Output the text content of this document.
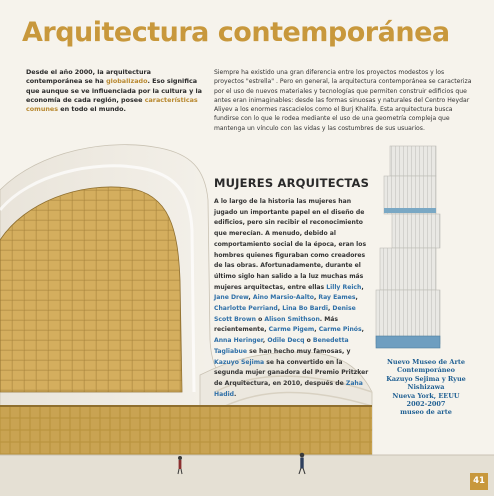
Arquitectura contemporánea
Desde el año 2000, la arquitectura contemporánea se ha globalizado. Eso significa que aunque se ve influenciada por la cultura y la economía de cada región, posee características comunes en todo el mundo.
Siempre ha existido una gran diferencia entre los proyectos modestos y los proyectos "estrella" . Pero en general, la arquitectura contemporánea se caracteriza por el uso de nuevos materiales y tecnologías que permiten construir edificios que antes eran inimaginables: desde las formas sinuosas y naturales del Centro Heydar Aliyev a los enormes rascacielos como el Burj Khalifa. Esta arquitectura busca fundirse con lo que le rodea mediante el uso de una geometría compleja que mantenga un vínculo con las vidas y las costumbres de sus usuarios.
MUJERES ARQUITECTAS
A lo largo de la historia las mujeres han jugado un importante papel en el diseño de edificios, pero sin recibir el reconocimiento que merecían. A menudo, debido al comportamiento social de la época, eran los hombres quienes figuraban como creadores de las obras. Afortunadamente, durante el último siglo han salido a la luz muchas más mujeres arquitectas, entre ellas Lilly Reich, Jane Drew, Aino Marsio-Aalto, Ray Eames, Charlotte Perriand, Lina Bo Bardi, Denise Scott Brown o Alison Smithson. Más recientemente, Carme Pigem, Carme Pinós, Anna Heringer, Odile Decq o Benedetta Tagliabue se han hecho muy famosas, y Kazuyo Sejima se ha convertido en la segunda mujer ganadora del Premio Pritzker de Arquitectura, en 2010, después de Zaha Hadid.
Nuevo Museo de Arte
Contemporáneo
Kazuyo Sejima y Ryue
Nishizawa
Nueva York, EEUU
2002-2007
museo de arte
41
